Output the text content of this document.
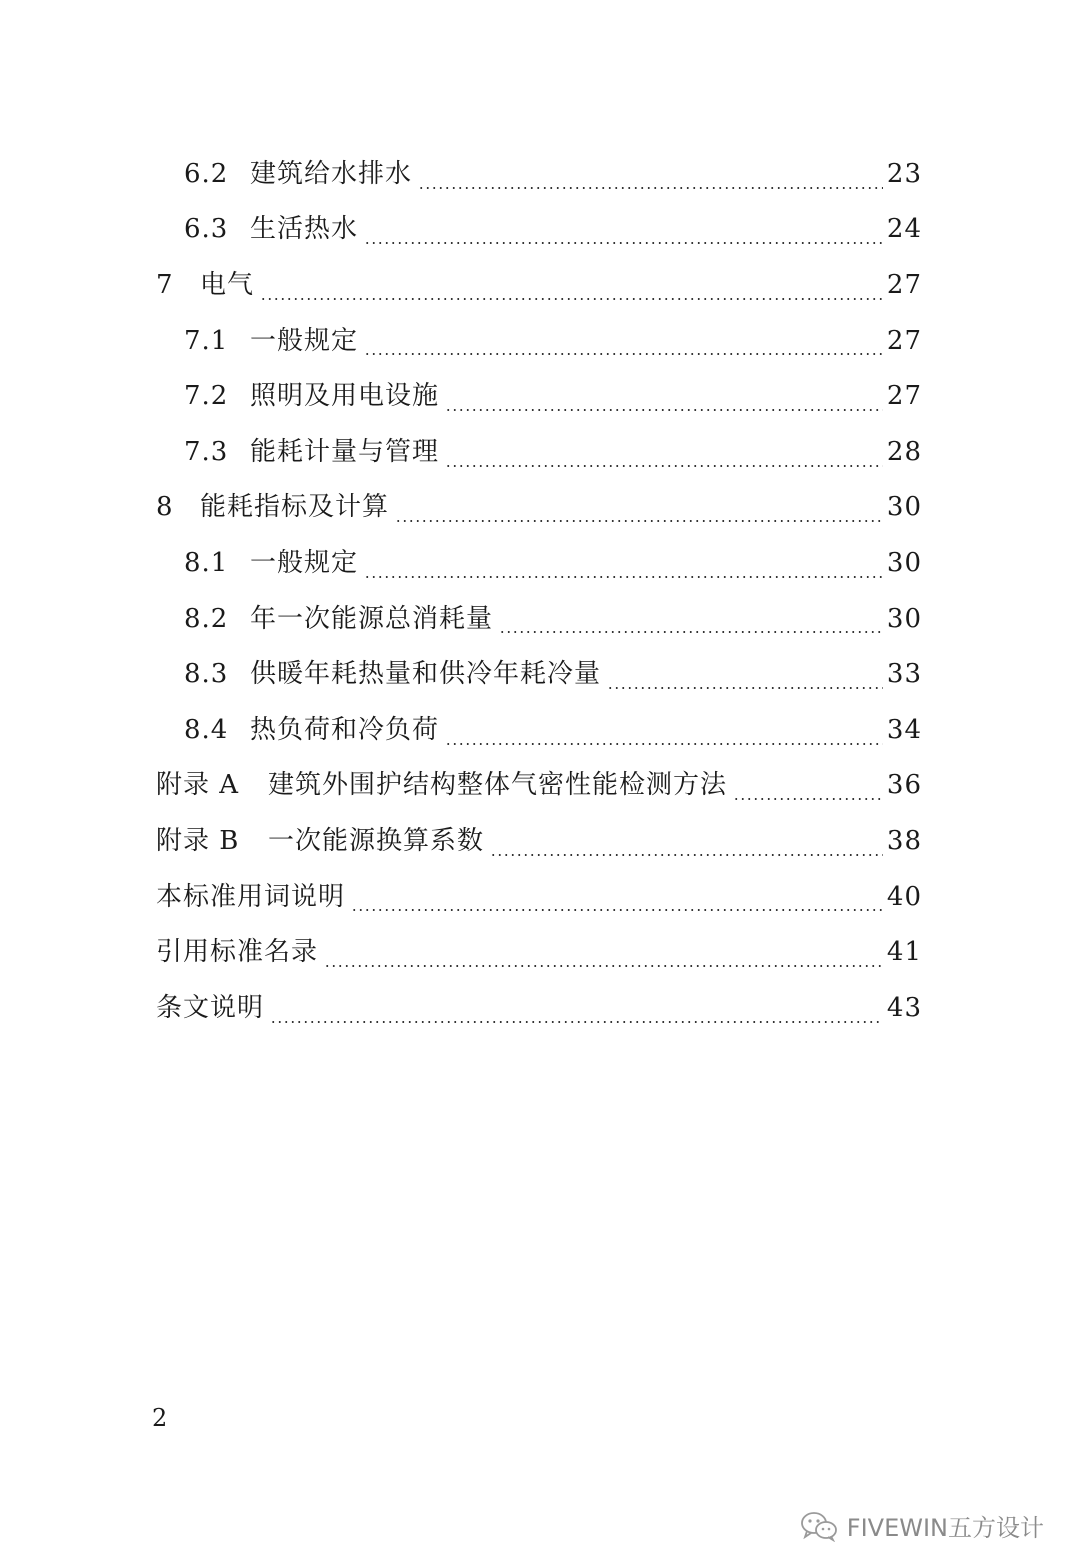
6.2 建筑给水排水	23
6.3 生活热水	24
7	电气	27
7.1 一般规定	27
7.2 照明及用电设施	27
7.3 能耗计量与管理	28
8	能耗指标及计算	30
8.1 一般规定	30
8.2 年一次能源总消耗量	30
8.3 供暖年耗热量和供冷年耗冷量	33
8.4 热负荷和冷负荷	34
附录 A	建筑外围护结构整体气密性能检测方法	36
附录 B	一次能源换算系数	38
本标准用词说明	40
引用标准名录	41
条文说明	43
2
FIVEWIN五方设计
